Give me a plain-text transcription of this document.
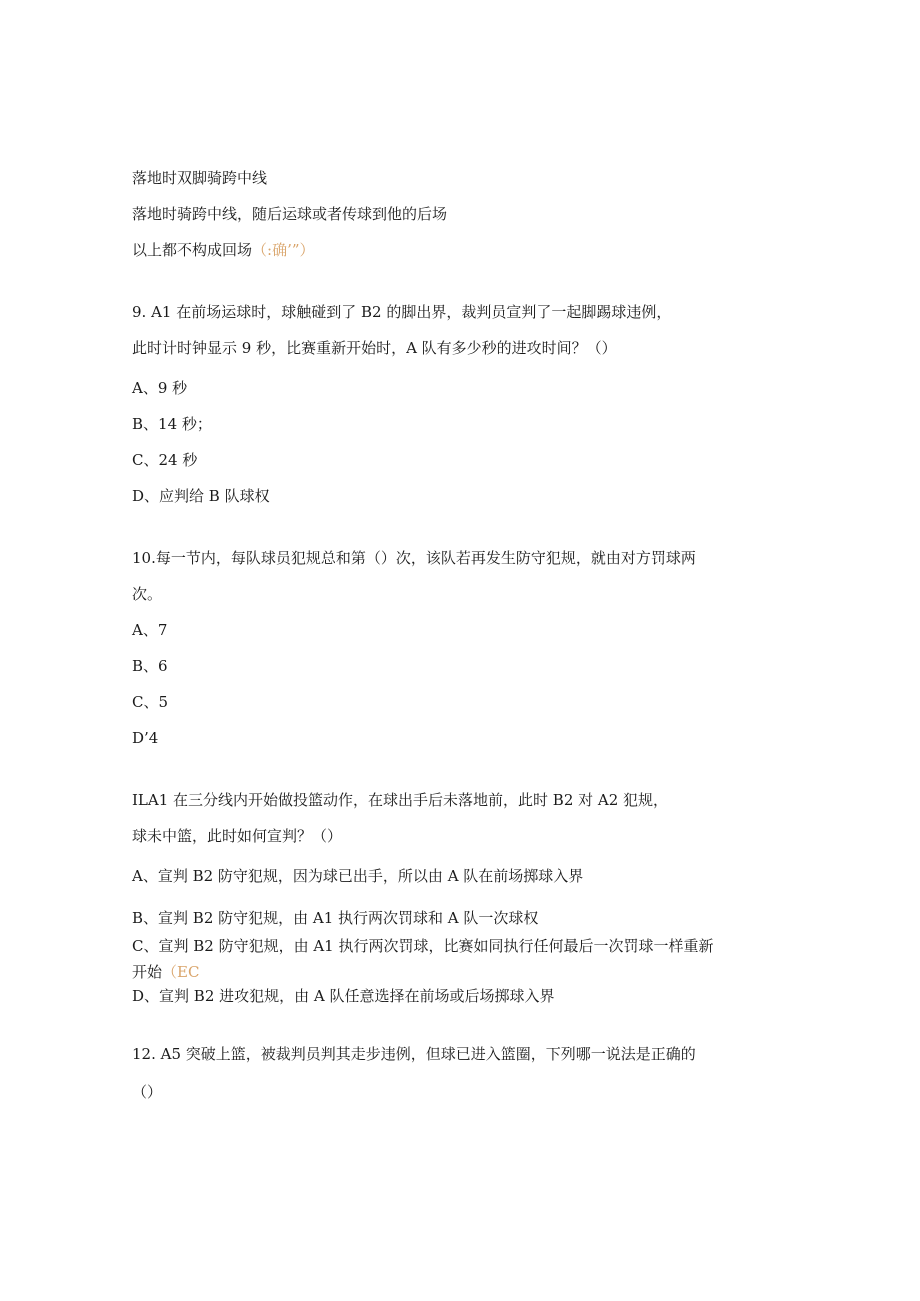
落地时双脚骑跨中线
落地时骑跨中线，随后运球或者传球到他的后场
以上都不构成回场（:确’”）
9. A1 在前场运球时，球触碰到了 B2 的脚出界，裁判员宣判了一起脚踢球违例，
此时计时钟显示 9 秒，比赛重新开始时，A 队有多少秒的进攻时间？（）
A、9 秒
B、14 秒；
C、24 秒
D、应判给 B 队球权
10.每一节内，每队球员犯规总和第（）次，该队若再发生防守犯规，就由对方罚球两
次。
A、7
B、6
C、5
D’4
ILA1 在三分线内开始做投篮动作，在球出手后未落地前，此时 B2 对 A2 犯规，
球未中篮，此时如何宣判？（）
A、宣判 B2 防守犯规，因为球已出手，所以由 A 队在前场掷球入界
B、宣判 B2 防守犯规，由 A1 执行两次罚球和 A 队一次球权
C、宣判 B2 防守犯规，由 A1 执行两次罚球，比赛如同执行任何最后一次罚球一样重新
开始（EC
D、宣判 B2 进攻犯规，由 A 队任意选择在前场或后场掷球入界
12. A5 突破上篮，被裁判员判其走步违例，但球已进入篮圈，下列哪一说法是正确的
（）
